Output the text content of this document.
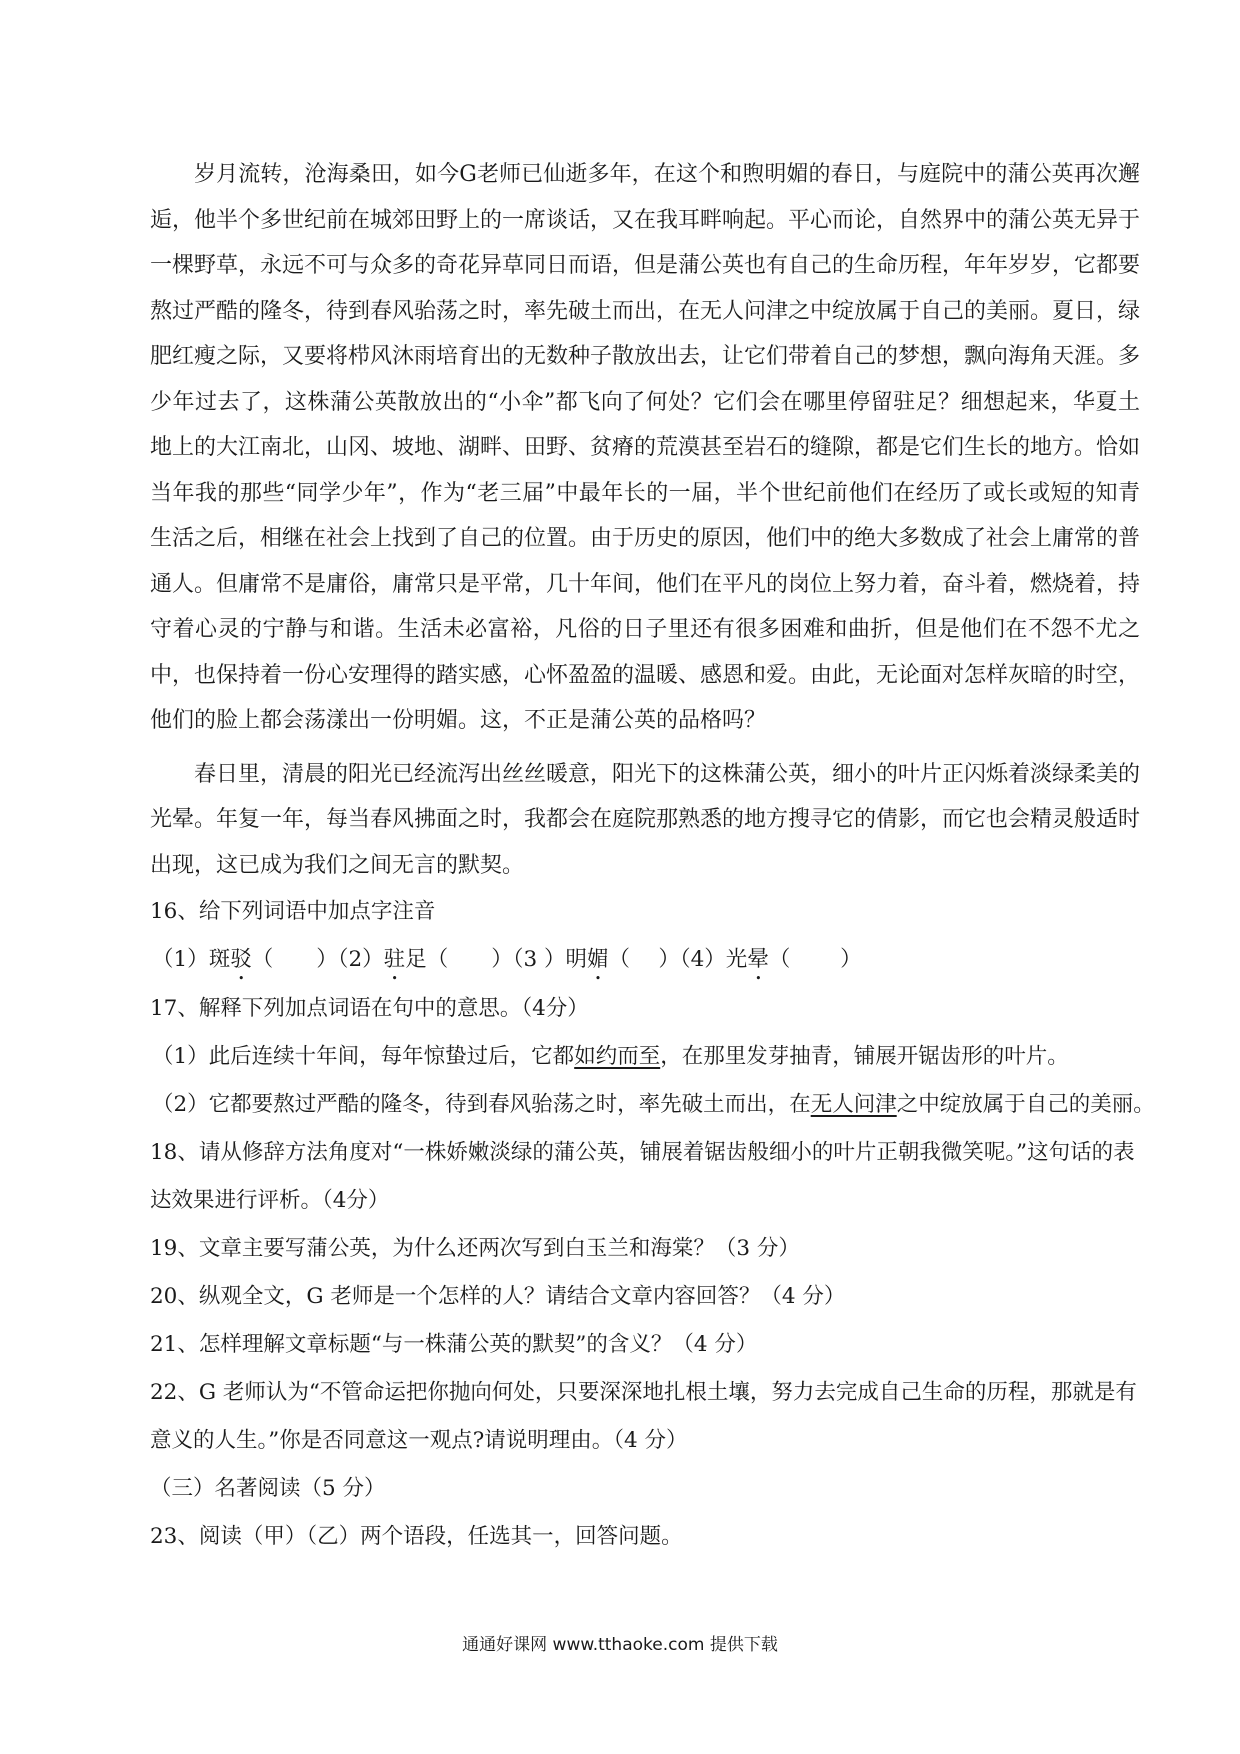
岁月流转，沧海桑田，如今G老师已仙逝多年，在这个和煦明媚的春日，与庭院中的蒲公英再次邂逅，他半个多世纪前在城郊田野上的一席谈话，又在我耳畔响起。平心而论，自然界中的蒲公英无异于一棵野草，永远不可与众多的奇花异草同日而语，但是蒲公英也有自己的生命历程，年年岁岁，它都要熬过严酷的隆冬，待到春风骀荡之时，率先破土而出，在无人问津之中绽放属于自己的美丽。夏日，绿肥红瘦之际，又要将栉风沐雨培育出的无数种子散放出去，让它们带着自己的梦想，飘向海角天涯。多少年过去了，这株蒲公英散放出的“小伞”都飞向了何处？它们会在哪里停留驻足？细想起来，华夏土地上的大江南北，山冈、坡地、湖畔、田野、贫瘠的荒漠甚至岩石的缝隙，都是它们生长的地方。恰如当年我的那些“同学少年”，作为“老三届”中最年长的一届，半个世纪前他们在经历了或长或短的知青生活之后，相继在社会上找到了自己的位置。由于历史的原因，他们中的绝大多数成了社会上庸常的普通人。但庸常不是庸俗，庸常只是平常，几十年间，他们在平凡的岗位上努力着，奋斗着，燃烧着，持守着心灵的宁静与和谐。生活未必富裕，凡俗的日子里还有很多困难和曲折，但是他们在不怨不尤之中，也保持着一份心安理得的踏实感，心怀盈盈的温暖、感恩和爱。由此，无论面对怎样灰暗的时空，他们的脸上都会荡漾出一份明媚。这，不正是蒲公英的品格吗？

春日里，清晨的阳光已经流泻出丝丝暖意，阳光下的这株蒲公英，细小的叶片正闪烁着淡绿柔美的光晕。年复一年，每当春风拂面之时，我都会在庭院那熟悉的地方搜寻它的倩影，而它也会精灵般适时出现，这已成为我们之间无言的默契。

16、给下列词语中加点字注音

（1）斑驳（　　）（2）驻足（　　）（3 ）明媚（　 ）（4）光晕（　　 ）

17、解释下列加点词语在句中的意思。（4分）

（1）此后连续十年间，每年惊蛰过后，它都如约而至，在那里发芽抽青，铺展开锯齿形的叶片。

（2）它都要熬过严酷的隆冬，待到春风骀荡之时，率先破土而出，在无人问津之中绽放属于自己的美丽。

18、请从修辞方法角度对“一株娇嫩淡绿的蒲公英，铺展着锯齿般细小的叶片正朝我微笑呢。”这句话的表达效果进行评析。（4分）

19、文章主要写蒲公英，为什么还两次写到白玉兰和海棠？（3 分）

20、纵观全文，G 老师是一个怎样的人？请结合文章内容回答？（4 分）

21、怎样理解文章标题“与一株蒲公英的默契”的含义？（4 分）

22、G 老师认为“不管命运把你抛向何处，只要深深地扎根土壤，努力去完成自己生命的历程，那就是有意义的人生。”你是否同意这一观点?请说明理由。（4 分）

（三）名著阅读（5 分）

23、阅读（甲）（乙）两个语段，任选其一，回答问题。

通通好课网 www.tthaoke.com 提供下载
